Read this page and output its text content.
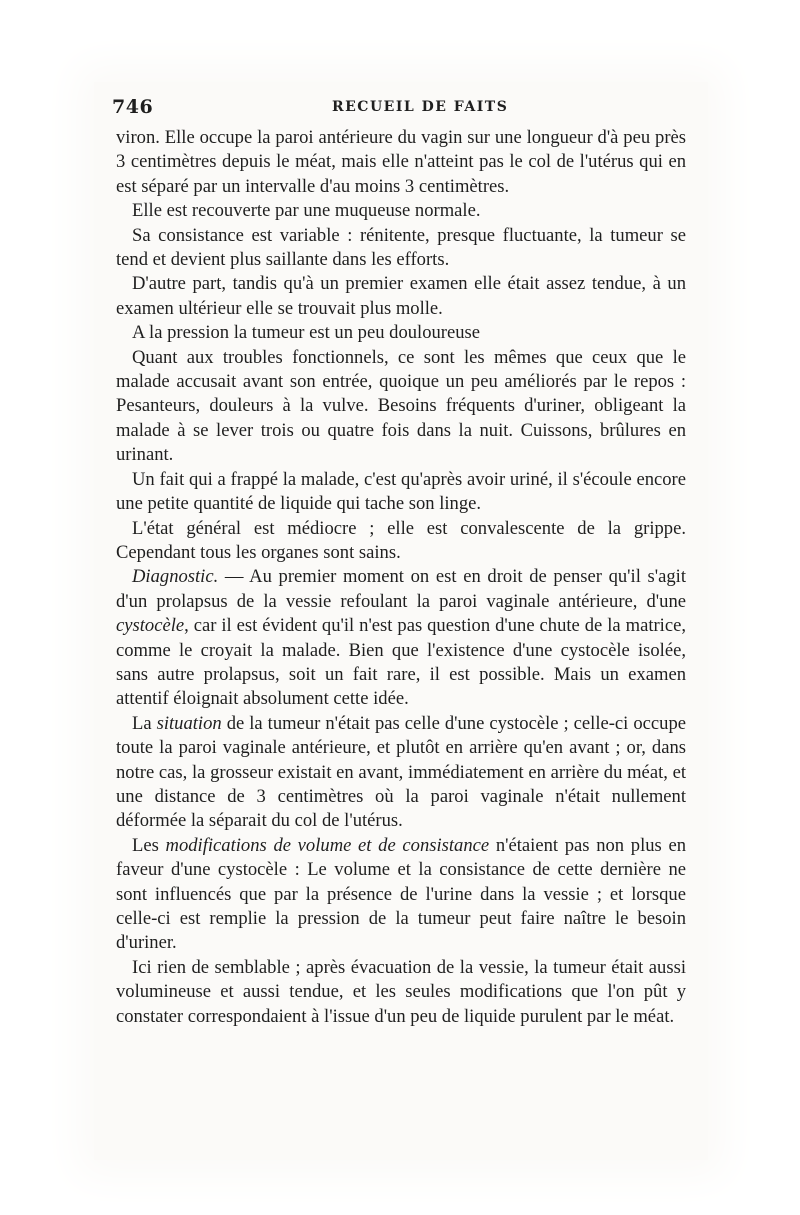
746	RECUEIL DE FAITS

viron. Elle occupe la paroi antérieure du vagin sur une longueur d'à peu près 3 centimètres depuis le méat, mais elle n'atteint pas le col de l'utérus qui en est séparé par un intervalle d'au moins 3 centimètres.

Elle est recouverte par une muqueuse normale.

Sa consistance est variable : rénitente, presque fluctuante, la tumeur se tend et devient plus saillante dans les efforts.

D'autre part, tandis qu'à un premier examen elle était assez tendue, à un examen ultérieur elle se trouvait plus molle.

A la pression la tumeur est un peu douloureuse

Quant aux troubles fonctionnels, ce sont les mêmes que ceux que le malade accusait avant son entrée, quoique un peu améliorés par le repos : Pesanteurs, douleurs à la vulve. Besoins fréquents d'uriner, obligeant la malade à se lever trois ou quatre fois dans la nuit. Cuissons, brûlures en urinant.

Un fait qui a frappé la malade, c'est qu'après avoir uriné, il s'écoule encore une petite quantité de liquide qui tache son linge.

L'état général est médiocre ; elle est convalescente de la grippe. Cependant tous les organes sont sains.

Diagnostic. — Au premier moment on est en droit de penser qu'il s'agit d'un prolapsus de la vessie refoulant la paroi vaginale antérieure, d'une cystocèle, car il est évident qu'il n'est pas question d'une chute de la matrice, comme le croyait la malade. Bien que l'existence d'une cystocèle isolée, sans autre prolapsus, soit un fait rare, il est possible. Mais un examen attentif éloignait absolument cette idée.

La situation de la tumeur n'était pas celle d'une cystocèle ; celle-ci occupe toute la paroi vaginale antérieure, et plutôt en arrière qu'en avant ; or, dans notre cas, la grosseur existait en avant, immédiatement en arrière du méat, et une distance de 3 centimètres où la paroi vaginale n'était nullement déformée la séparait du col de l'utérus.

Les modifications de volume et de consistance n'étaient pas non plus en faveur d'une cystocèle : Le volume et la consistance de cette dernière ne sont influencés que par la présence de l'urine dans la vessie ; et lorsque celle-ci est remplie la pression de la tumeur peut faire naître le besoin d'uriner.

Ici rien de semblable ; après évacuation de la vessie, la tumeur était aussi volumineuse et aussi tendue, et les seules modifications que l'on pût y constater correspondaient à l'issue d'un peu de liquide purulent par le méat.
